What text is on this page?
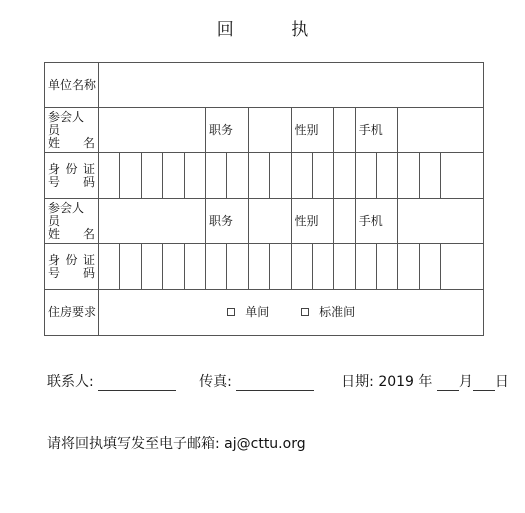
回 执
单位名称																	

参会人员
姓 名						职务				性别			手机				

身 份 证
号 码																	

参会人员
姓 名						职务				性别			手机				

身 份 证
号 码																	

住房要求	单间 标准间																
联系人:	传真:	日期: 2019 年 月 日
请将回执填写发至电子邮箱: aj@cttu.org
